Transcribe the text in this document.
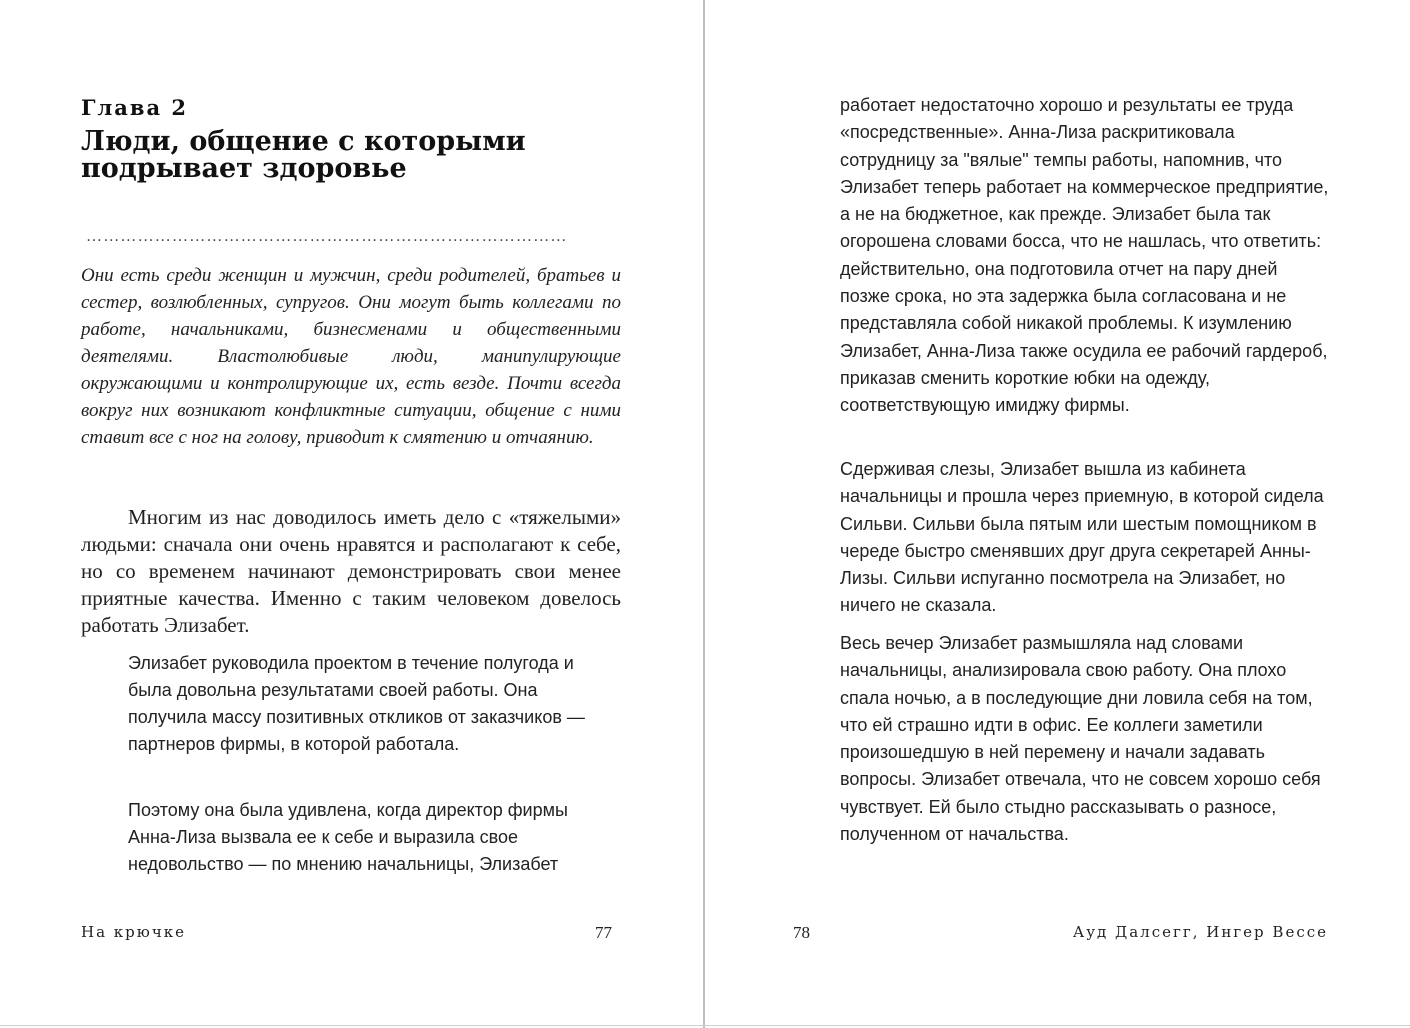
Глава 2
Люди, общение с которыми подрывает здоровье
…………………………………………………………………………
Они есть среди женщин и мужчин, среди родителей, братьев и сестер, возлюбленных, супругов. Они могут быть коллегами по работе, начальниками, бизнесменами и общественными деятелями. Властолюбивые люди, манипулирующие окружающими и контролирующие их, есть везде. Почти всегда вокруг них возникают конфликтные ситуации, общение с ними ставит все с ног на голову, приводит к смятению и отчаянию.
Многим из нас доводилось иметь дело с «тяжелыми» людьми: сначала они очень нравятся и располагают к себе, но со временем начинают демонстрировать свои менее приятные качества. Именно с таким человеком довелось работать Элизабет.
Элизабет руководила проектом в течение полугода и была довольна результатами своей работы. Она получила массу позитивных откликов от заказчиков — партнеров фирмы, в которой работала.
Поэтому она была удивлена, когда директор фирмы Анна-Лиза вызвала ее к себе и выразила свое недовольство — по мнению начальницы, Элизабет
На крючке	77
работает недостаточно хорошо и результаты ее труда «посредственные». Анна-Лиза раскритиковала сотрудницу за "вялые" темпы работы, напомнив, что Элизабет теперь работает на коммерческое предприятие, а не на бюджетное, как прежде. Элизабет была так огорошена словами босса, что не нашлась, что ответить: действительно, она подготовила отчет на пару дней позже срока, но эта задержка была согласована и не представляла собой никакой проблемы. К изумлению Элизабет, Анна-Лиза также осудила ее рабочий гардероб, приказав сменить короткие юбки на одежду, соответствующую имиджу фирмы.
Сдерживая слезы, Элизабет вышла из кабинета начальницы и прошла через приемную, в которой сидела Сильви. Сильви была пятым или шестым помощником в череде быстро сменявших друг друга секретарей Анны-Лизы. Сильви испуганно посмотрела на Элизабет, но ничего не сказала.
Весь вечер Элизабет размышляла над словами начальницы, анализировала свою работу. Она плохо спала ночью, а в последующие дни ловила себя на том, что ей страшно идти в офис. Ее коллеги заметили произошедшую в ней перемену и начали задавать вопросы. Элизабет отвечала, что не совсем хорошо себя чувствует. Ей было стыдно рассказывать о разносе, полученном от начальства.
78	Ауд Далсегг, Ингер Вессе
